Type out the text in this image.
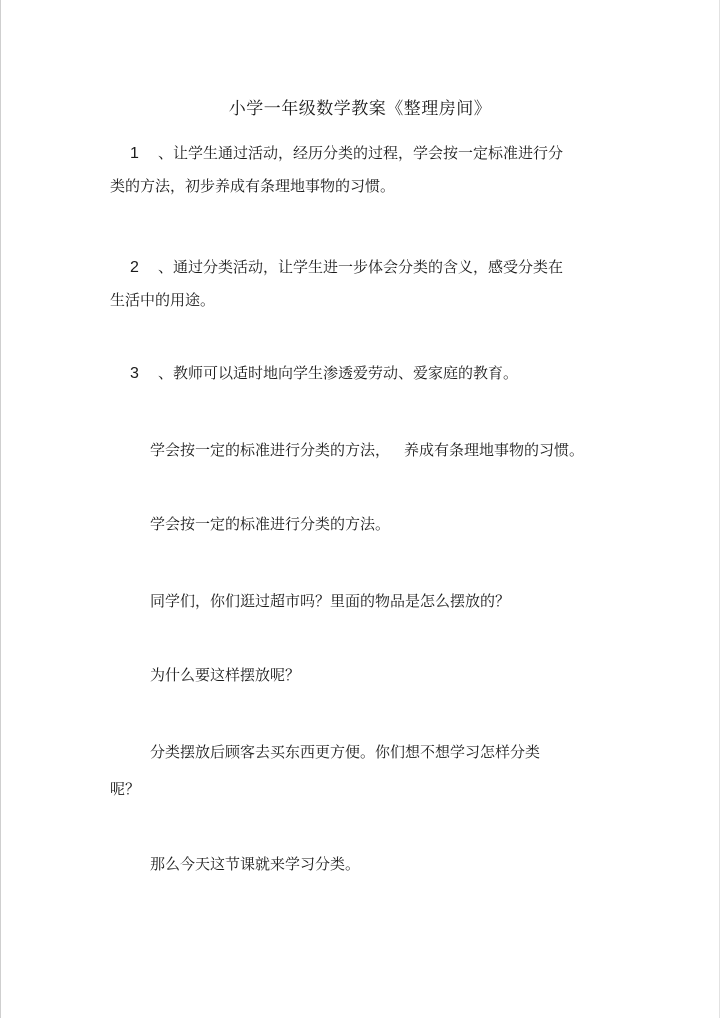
小学一年级数学教案《整理房间》
1 、让学生通过活动，经历分类的过程，学会按一定标准进行分
类的方法，初步养成有条理地事物的习惯。
2 、通过分类活动，让学生进一步体会分类的含义，感受分类在
生活中的用途。
3 、教师可以适时地向学生渗透爱劳动、爱家庭的教育。
学会按一定的标准进行分类的方法， 养成有条理地事物的习惯。
学会按一定的标准进行分类的方法。
同学们，你们逛过超市吗？里面的物品是怎么摆放的？
为什么要这样摆放呢？
分类摆放后顾客去买东西更方便。你们想不想学习怎样分类
呢？
那么今天这节课就来学习分类。
